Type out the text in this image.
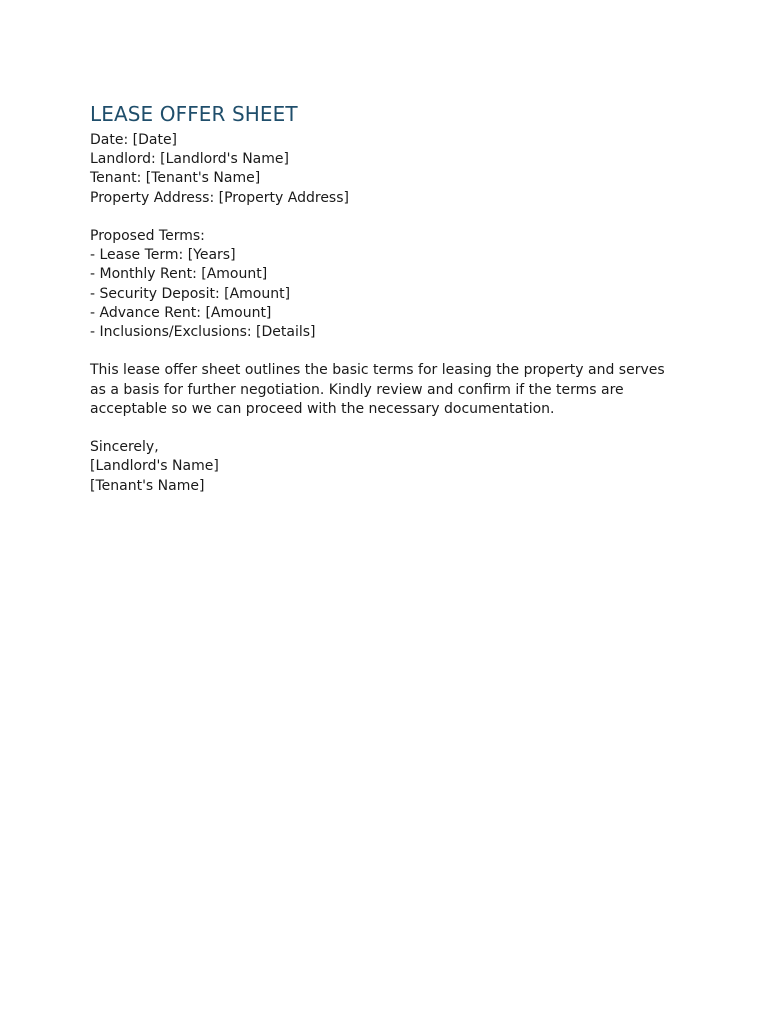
LEASE OFFER SHEET

Date: [Date]

Landlord: [Landlord's Name]

Tenant: [Tenant's Name]

Property Address: [Property Address]

Proposed Terms:

- Lease Term: [Years]

- Monthly Rent: [Amount]

- Security Deposit: [Amount]

- Advance Rent: [Amount]

- Inclusions/Exclusions: [Details]

This lease offer sheet outlines the basic terms for leasing the property and serves

as a basis for further negotiation. Kindly review and confirm if the terms are

acceptable so we can proceed with the necessary documentation.

Sincerely,

[Landlord's Name]

[Tenant's Name]
